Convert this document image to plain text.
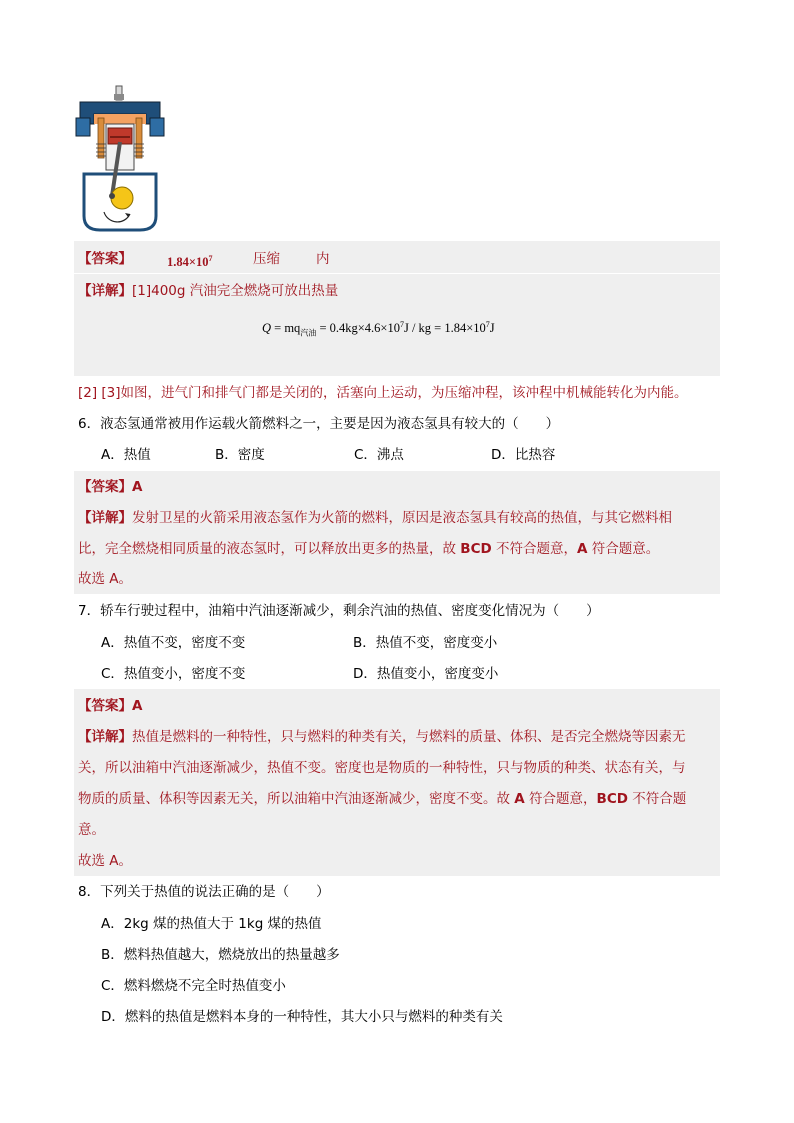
【答案】	$1.84\times 10^7$	压缩	内
【详解】[1]400g 汽油完全燃烧可放出热量
$Q = mq_{汽油} = 0.4kg\times 4.6\times 10^7J$ / kg = $1.84\times 10^7J$
[2] [3]如图，进气门和排气门都是关闭的，活塞向上运动，为压缩冲程，该冲程中机械能转化为内能。
6．液态氢通常被用作运载火箭燃料之一，主要是因为液态氢具有较大的（　　）
A．热值	B．密度	C．沸点	D．比热容
【答案】A
【详解】发射卫星的火箭采用液态氢作为火箭的燃料，原因是液态氢具有较高的热值，与其它燃料相
比，完全燃烧相同质量的液态氢时，可以释放出更多的热量，故 BCD 不符合题意，A 符合题意。
故选 A。
7．轿车行驶过程中，油箱中汽油逐渐减少，剩余汽油的热值、密度变化情况为（　　）
A．热值不变，密度不变	B．热值不变，密度变小
C．热值变小，密度不变	D．热值变小，密度变小
【答案】A
【详解】热值是燃料的一种特性，只与燃料的种类有关，与燃料的质量、体积、是否完全燃烧等因素无
关，所以油箱中汽油逐渐减少，热值不变。密度也是物质的一种特性，只与物质的种类、状态有关，与
物质的质量、体积等因素无关，所以油箱中汽油逐渐减少，密度不变。故 A 符合题意，BCD 不符合题
意。
故选 A。
8．下列关于热值的说法正确的是（　　）
A．2kg 煤的热值大于 1kg 煤的热值
B．燃料热值越大，燃烧放出的热量越多
C．燃料燃烧不完全时热值变小
D．燃料的热值是燃料本身的一种特性，其大小只与燃料的种类有关
